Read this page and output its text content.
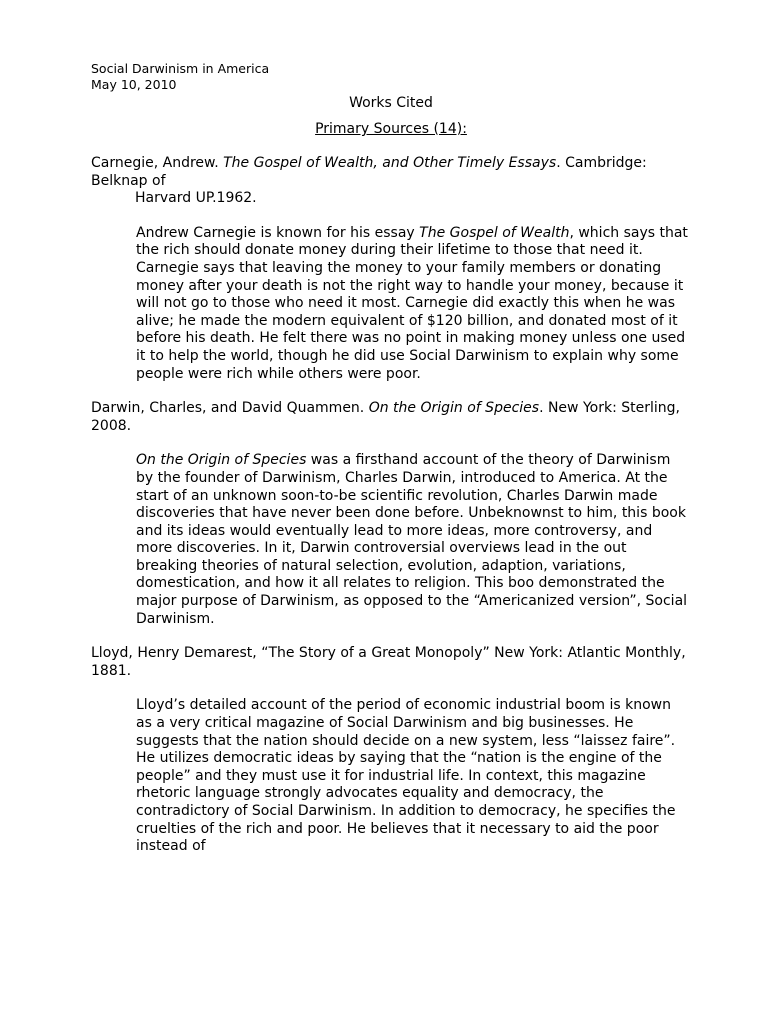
Social Darwinism in America
May 10, 2010
Works Cited
Primary Sources (14):
Carnegie, Andrew. The Gospel of Wealth, and Other Timely Essays. Cambridge: Belknap of
Harvard UP.1962.
Andrew Carnegie is known for his essay The Gospel of Wealth, which says that the rich should donate money during their lifetime to those that need it. Carnegie says that leaving the money to your family members or donating money after your death is not the right way to handle your money, because it will not go to those who need it most. Carnegie did exactly this when he was alive; he made the modern equivalent of $120 billion, and donated most of it before his death. He felt there was no point in making money unless one used it to help the world, though he did use Social Darwinism to explain why some people were rich while others were poor.
Darwin, Charles, and David Quammen. On the Origin of Species. New York: Sterling, 2008.
On the Origin of Species was a firsthand account of the theory of Darwinism by the founder of Darwinism, Charles Darwin, introduced to America. At the start of an unknown soon-to-be scientific revolution, Charles Darwin made discoveries that have never been done before. Unbeknownst to him, this book and its ideas would eventually lead to more ideas, more controversy, and more discoveries. In it, Darwin controversial overviews lead in the out breaking theories of natural selection, evolution, adaption, variations, domestication, and how it all relates to religion. This boo demonstrated the major purpose of Darwinism, as opposed to the “Americanized version”, Social Darwinism.
Lloyd, Henry Demarest, “The Story of a Great Monopoly” New York: Atlantic Monthly, 1881.
Lloyd’s detailed account of the period of economic industrial boom is known as a very critical magazine of Social Darwinism and big businesses. He suggests that the nation should decide on a new system, less “laissez faire”. He utilizes democratic ideas by saying that the “nation is the engine of the people” and they must use it for industrial life. In context, this magazine rhetoric language strongly advocates equality and democracy, the contradictory of Social Darwinism. In addition to democracy, he specifies the cruelties of the rich and poor. He believes that it necessary to aid the poor instead of
